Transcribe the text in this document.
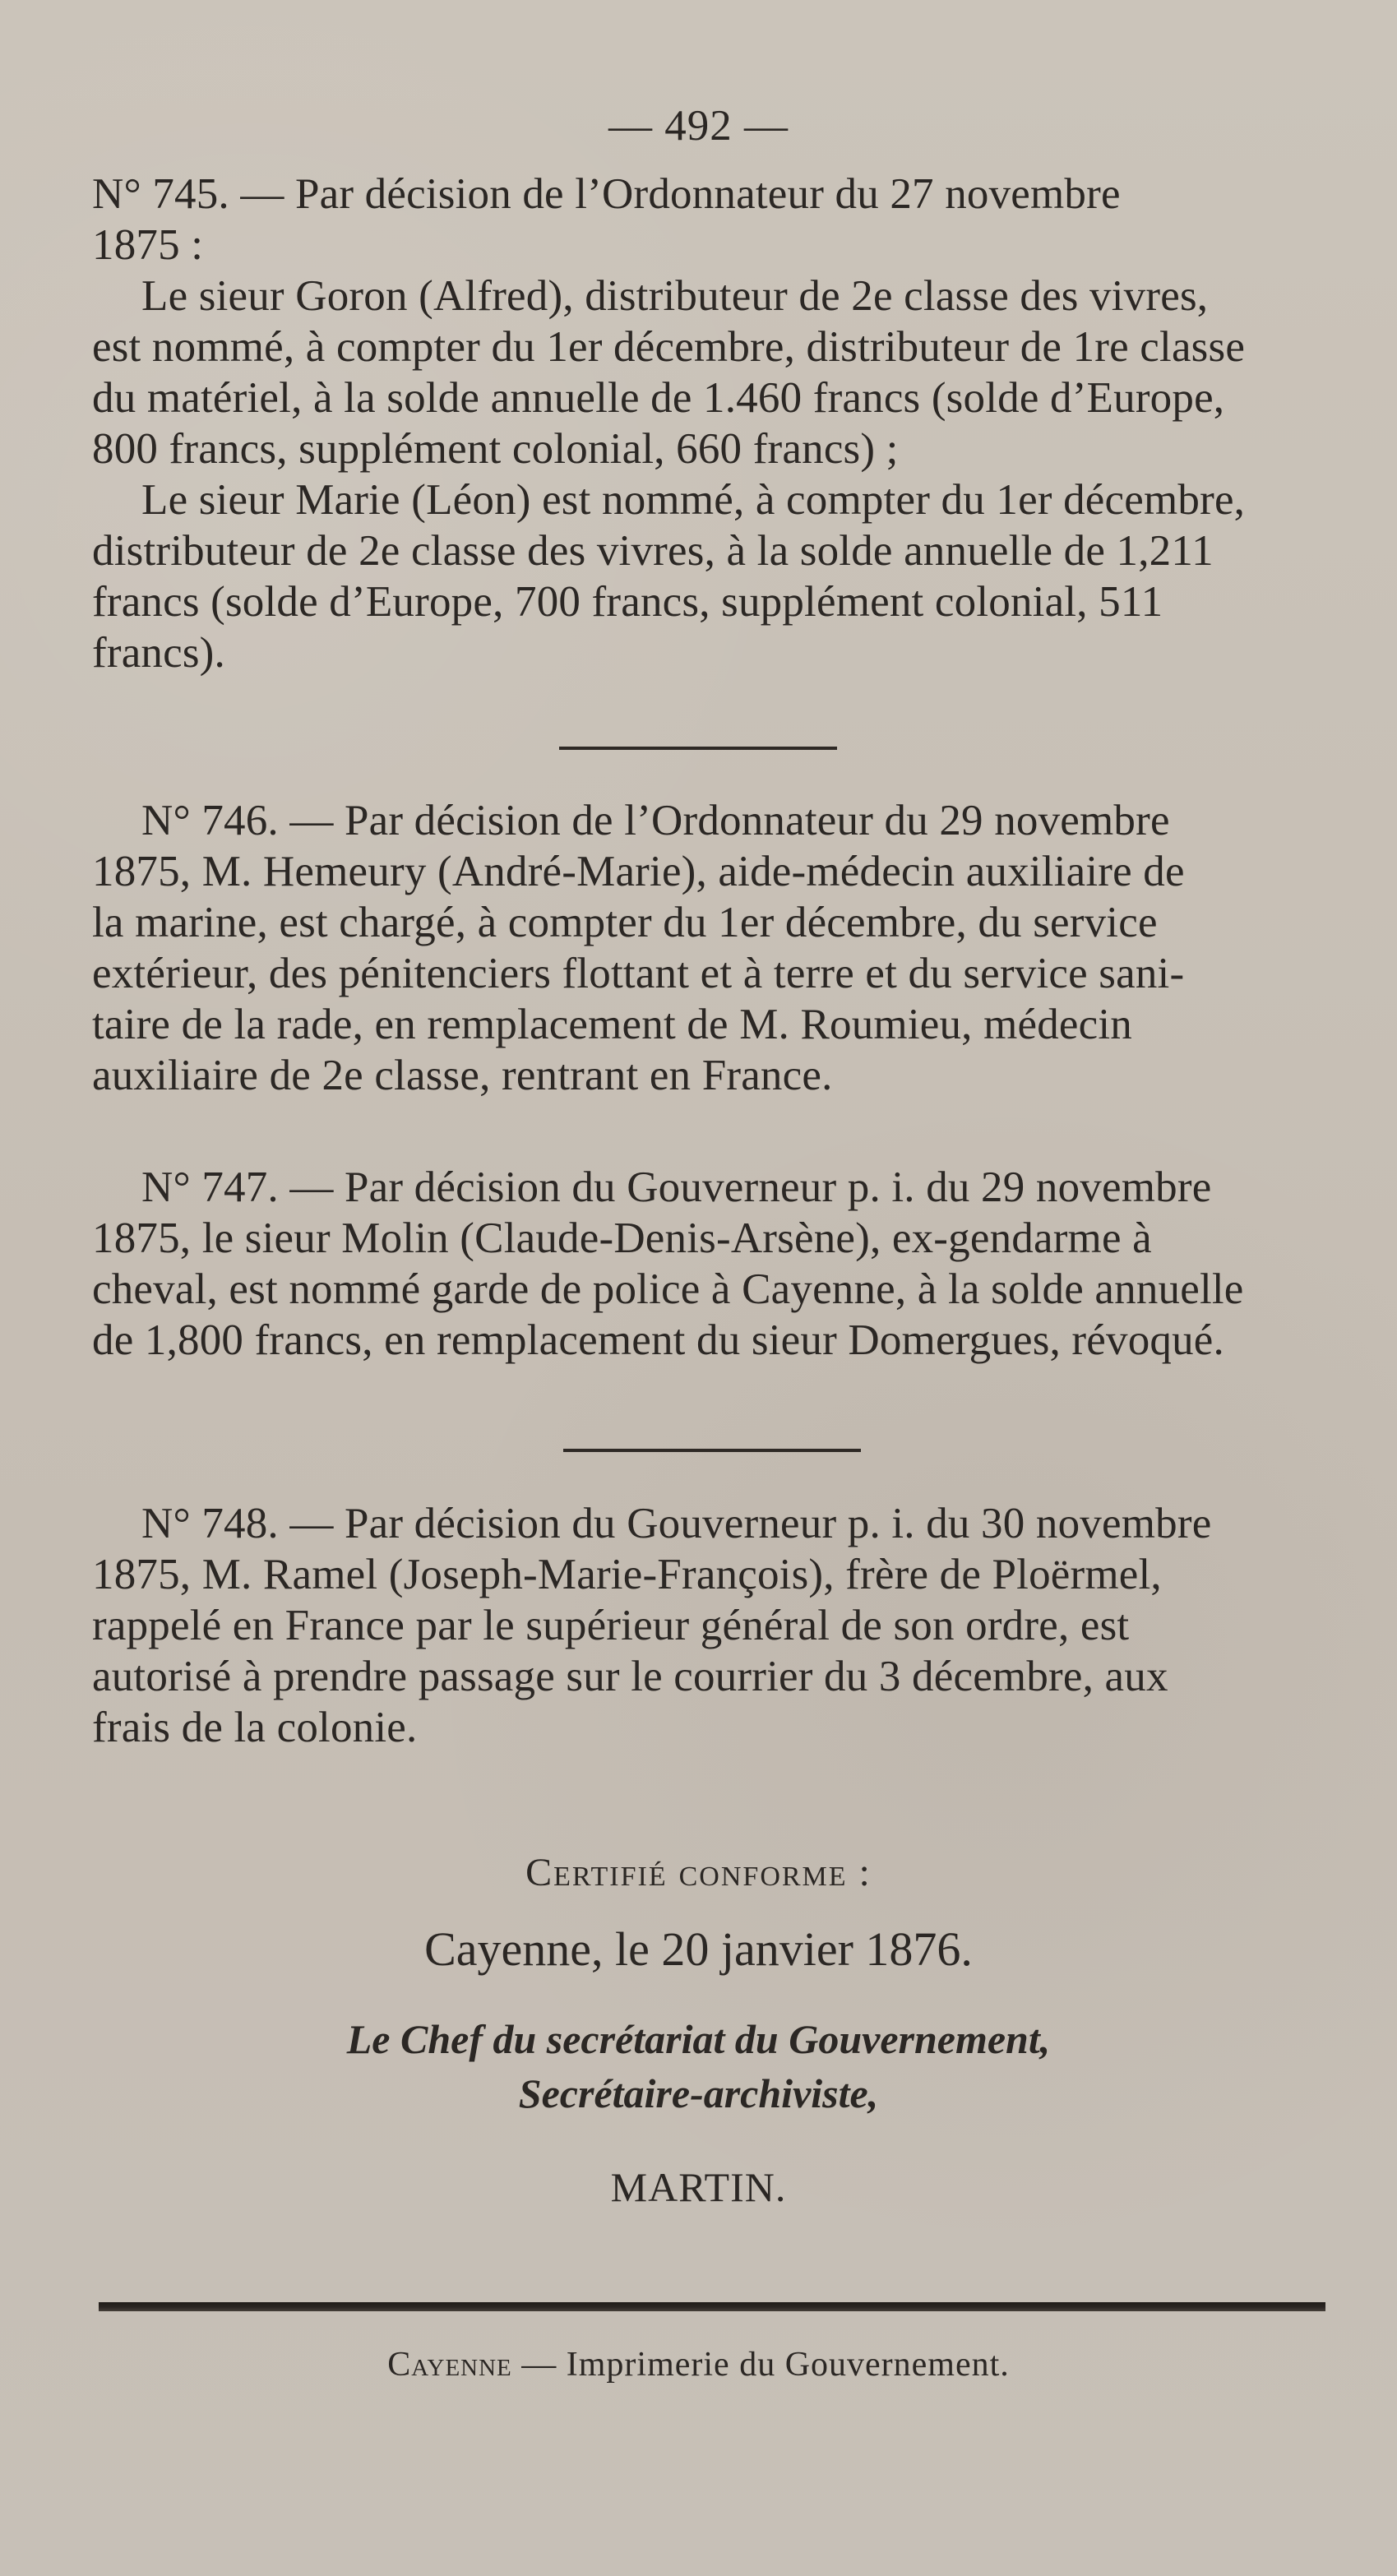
— 492 —

N° 745. — Par décision de l’Ordonnateur du 27 novembre

1875 :

Le sieur Goron (Alfred), distributeur de 2e classe des vivres,

est nommé, à compter du 1er décembre, distributeur de 1re classe

du matériel, à la solde annuelle de 1.460 francs (solde d’Europe,

800 francs, supplément colonial, 660 francs) ;

Le sieur Marie (Léon) est nommé, à compter du 1er décembre,

distributeur de 2e classe des vivres, à la solde annuelle de 1,211

francs (solde d’Europe, 700 francs, supplément colonial, 511

francs).

N° 746. — Par décision de l’Ordonnateur du 29 novembre

1875, M. Hemeury (André-Marie), aide-médecin auxiliaire de

la marine, est chargé, à compter du 1er décembre, du service

extérieur, des pénitenciers flottant et à terre et du service sani-

taire de la rade, en remplacement de M. Roumieu, médecin

auxiliaire de 2e classe, rentrant en France.

N° 747. — Par décision du Gouverneur p. i. du 29 novembre

1875, le sieur Molin (Claude-Denis-Arsène), ex-gendarme à

cheval, est nommé garde de police à Cayenne, à la solde annuelle

de 1,800 francs, en remplacement du sieur Domergues, révoqué.

N° 748. — Par décision du Gouverneur p. i. du 30 novembre

1875, M. Ramel (Joseph-Marie-François), frère de Ploërmel,

rappelé en France par le supérieur général de son ordre, est

autorisé à prendre passage sur le courrier du 3 décembre, aux

frais de la colonie.

Certifié conforme :
Cayenne, le 20 janvier 1876.
Le Chef du secrétariat du Gouvernement,
Secrétaire-archiviste,
MARTIN.
Cayenne — Imprimerie du Gouvernement.
